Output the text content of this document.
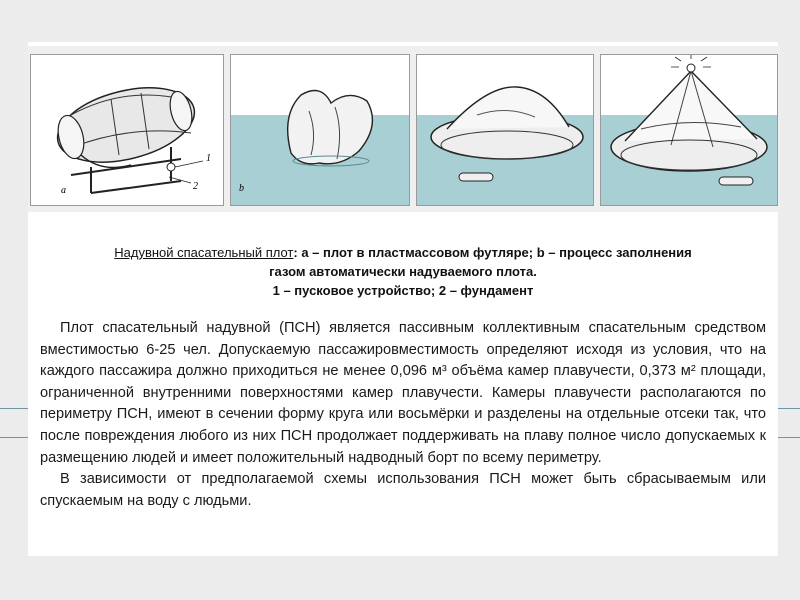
a
1
2	b
Надувной спасательный плот: а – плот в пластмассовом футляре; b – процесс заполнения
газом автоматически надуваемого плота.
1 – пусковое устройство; 2 – фундамент

Плот спасательный надувной (ПСН) является пассивным коллективным спасательным средством вместимостью 6-25 чел. Допускаемую пассажировместимость определяют исходя из условия, что на каждого пассажира должно приходиться не менее 0,096 м³ объёма камер плавучести, 0,373 м² площади, ограниченной внутренними поверхностями камер плавучести. Камеры плавучести располагаются по периметру ПСН, имеют в сечении форму круга или восьмёрки и разделены на отдельные отсеки так, что после повреждения любого из них ПСН продолжает поддерживать на плаву полное число допускаемых к размещению людей и имеет положительный надводный борт по всему периметру.

В зависимости от предполагаемой схемы использования ПСН может быть сбрасываемым или спускаемым на воду с людьми.
